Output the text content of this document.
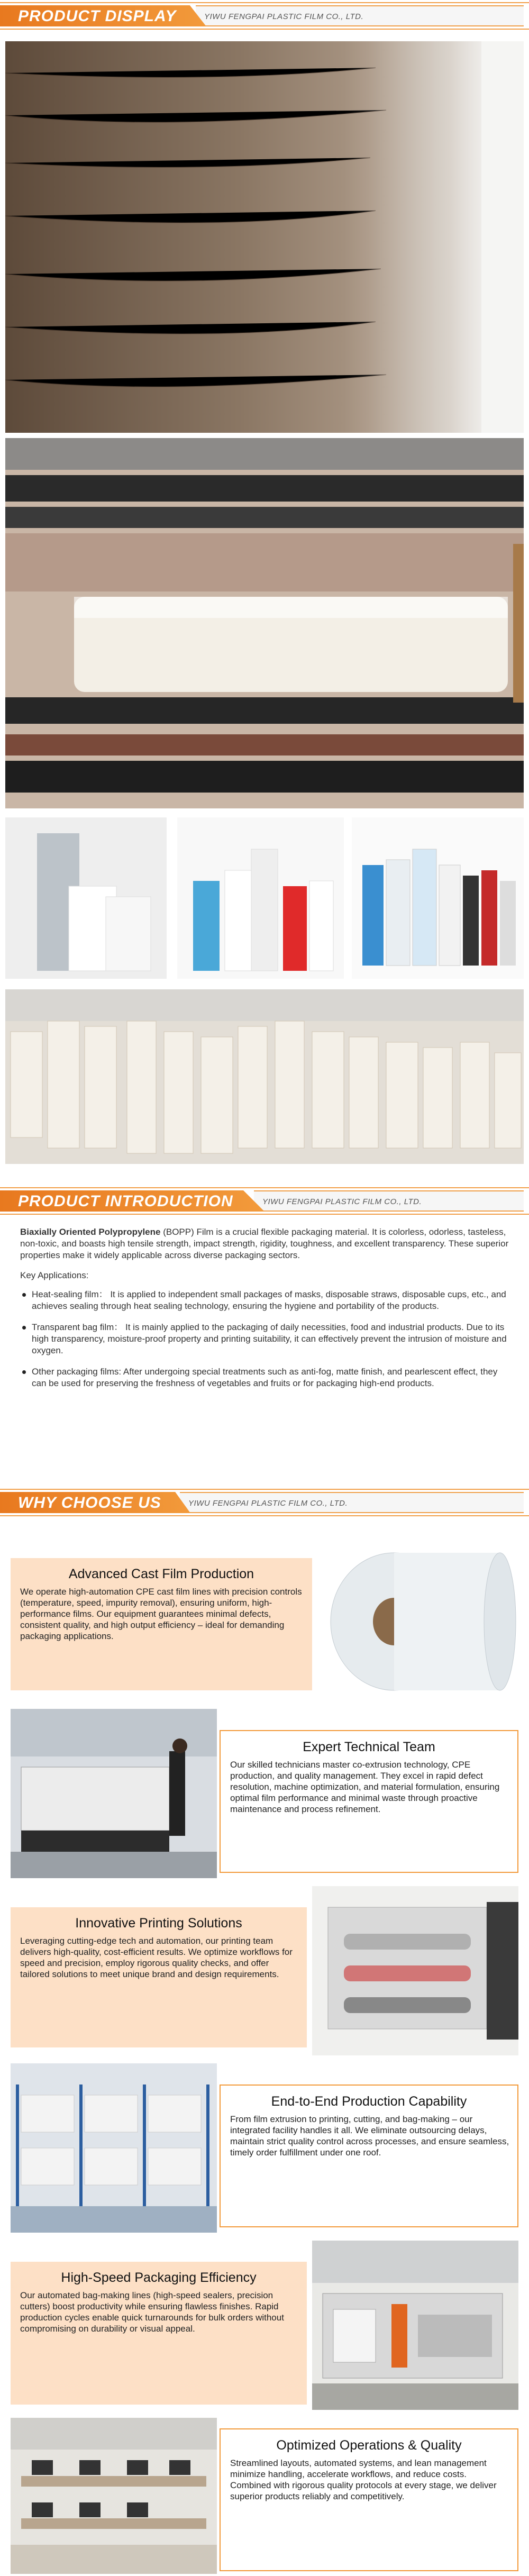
YIWU FENGPAI PLASTIC FILM CO., LTD.
PRODUCT DISPLAY
YIWU FENGPAI PLASTIC FILM CO., LTD.
PRODUCT INTRODUCTION

Biaxially Oriented Polypropylene (BOPP) Film is a crucial flexible packaging material. It is colorless, odorless, tasteless, non-toxic, and boasts high tensile strength, impact strength, rigidity, toughness, and excellent transparency. These superior properties make it widely applicable across diverse packaging sectors.

Key Applications:

Heat-sealing film： It is applied to independent small packages of masks, disposable straws, disposable cups, etc., and achieves sealing through heat sealing technology, ensuring the hygiene and portability of the products.
Transparent bag film： It is mainly applied to the packaging of daily necessities, food and industrial products. Due to its high transparency, moisture-proof property and printing suitability, it can effectively prevent the intrusion of moisture and oxygen.
Other packaging films: After undergoing special treatments such as anti-fog, matte finish, and pearlescent effect, they can be used for preserving the freshness of vegetables and fruits or for packaging high-end products.
YIWU FENGPAI PLASTIC FILM CO., LTD.
WHY CHOOSE US
Advanced Cast Film Production
We operate high-automation CPE cast film lines with precision controls (temperature, speed, impurity removal), ensuring uniform, high-performance films. Our equipment guarantees minimal defects, consistent quality, and high output efficiency – ideal for demanding packaging applications.
Expert Technical Team
Our skilled technicians master co-extrusion technology, CPE production, and quality management. They excel in rapid defect resolution, machine optimization, and material formulation, ensuring optimal film performance and minimal waste through proactive maintenance and process refinement.
Innovative Printing Solutions
Leveraging cutting-edge tech and automation, our printing team delivers high-quality, cost-efficient results. We optimize workflows for speed and precision, employ rigorous quality checks, and offer tailored solutions to meet unique brand and design requirements.
End-to-End Production Capability
From film extrusion to printing, cutting, and bag-making – our integrated facility handles it all. We eliminate outsourcing delays, maintain strict quality control across processes, and ensure seamless, timely order fulfillment under one roof.
High-Speed Packaging Efficiency
Our automated bag-making lines (high-speed sealers, precision cutters) boost productivity while ensuring flawless finishes. Rapid production cycles enable quick turnarounds for bulk orders without compromising on durability or visual appeal.
Optimized Operations & Quality
Streamlined layouts, automated systems, and lean management minimize handling, accelerate workflows, and reduce costs. Combined with rigorous quality protocols at every stage, we deliver superior products reliably and competitively.
